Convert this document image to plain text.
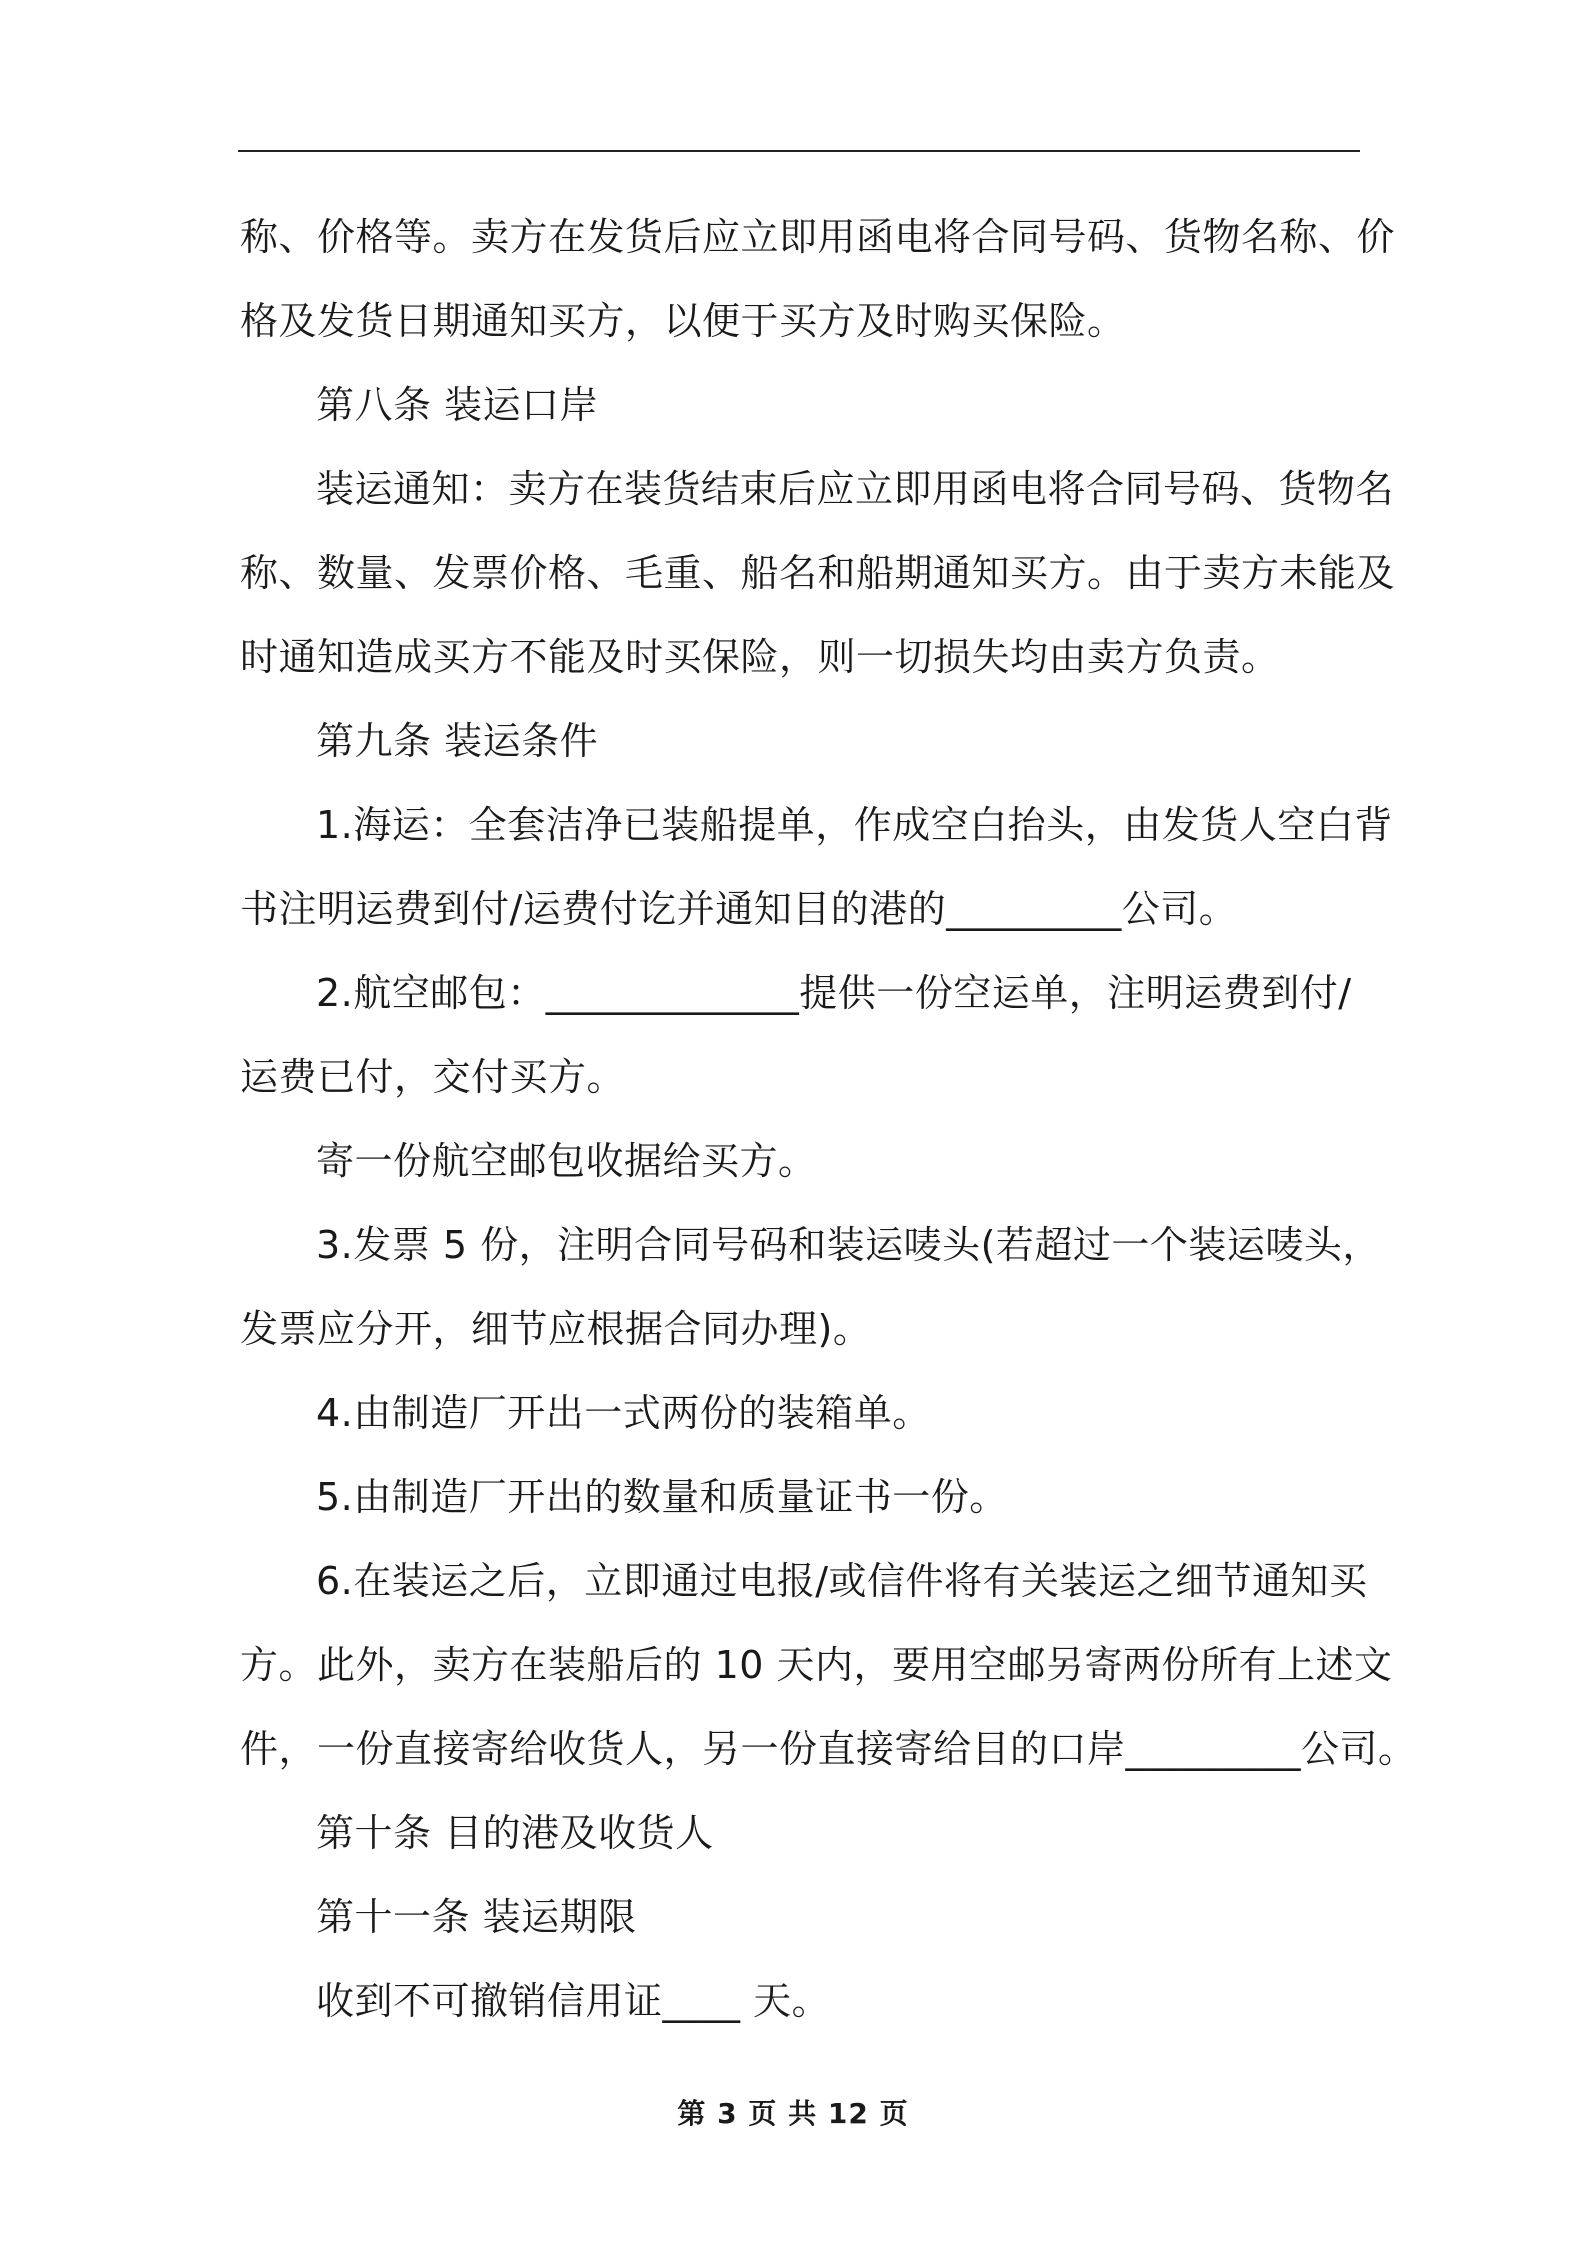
称、价格等。卖方在发货后应立即用函电将合同号码、货物名称、价
格及发货日期通知买方，以便于买方及时购买保险。
第八条 装运口岸
装运通知：卖方在装货结束后应立即用函电将合同号码、货物名
称、数量、发票价格、毛重、船名和船期通知买方。由于卖方未能及
时通知造成买方不能及时买保险，则一切损失均由卖方负责。
第九条 装运条件
1.海运：全套洁净已装船提单，作成空白抬头，由发货人空白背
书注明运费到付/运费付讫并通知目的港的_________公司。
2.航空邮包：_____________提供一份空运单，注明运费到付/
运费已付，交付买方。
寄一份航空邮包收据给买方。
3.发票 5 份，注明合同号码和装运唛头(若超过一个装运唛头，
发票应分开，细节应根据合同办理)。
4.由制造厂开出一式两份的装箱单。
5.由制造厂开出的数量和质量证书一份。
6.在装运之后，立即通过电报/或信件将有关装运之细节通知买
方。此外，卖方在装船后的 10 天内，要用空邮另寄两份所有上述文
件，一份直接寄给收货人，另一份直接寄给目的口岸_________公司。
第十条 目的港及收货人
第十一条 装运期限
收到不可撤销信用证____ 天。
第 3 页 共 12 页
